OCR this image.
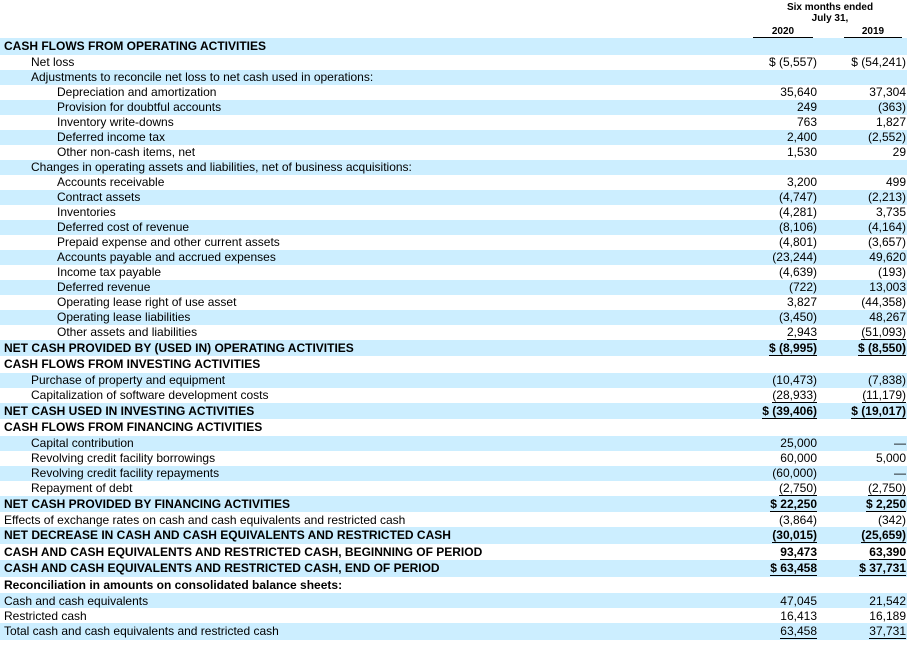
Six months ended
July 31,
2020	2019
CASH FLOWS FROM OPERATING ACTIVITIES			
Net loss	$ (5,557)		$ (54,241)
Adjustments to reconcile net loss to net cash used in operations:			
Depreciation and amortization	35,640		37,304
Provision for doubtful accounts	249		(363)
Inventory write-downs	763		1,827
Deferred income tax	2,400		(2,552)
Other non-cash items, net	1,530		29
Changes in operating assets and liabilities, net of business acquisitions:			
Accounts receivable	3,200		499
Contract assets	(4,747)		(2,213)
Inventories	(4,281)		3,735
Deferred cost of revenue	(8,106)		(4,164)
Prepaid expense and other current assets	(4,801)		(3,657)
Accounts payable and accrued expenses	(23,244)		49,620
Income tax payable	(4,639)		(193)
Deferred revenue	(722)		13,003
Operating lease right of use asset	3,827		(44,358)
Operating lease liabilities	(3,450)		48,267
Other assets and liabilities	2,943		(51,093)
NET CASH PROVIDED BY (USED IN) OPERATING ACTIVITIES	$ (8,995)		$ (8,550)
CASH FLOWS FROM INVESTING ACTIVITIES			
Purchase of property and equipment	(10,473)		(7,838)
Capitalization of software development costs	(28,933)		(11,179)
NET CASH USED IN INVESTING ACTIVITIES	$ (39,406)		$ (19,017)
CASH FLOWS FROM FINANCING ACTIVITIES			
Capital contribution	25,000		—
Revolving credit facility borrowings	60,000		5,000
Revolving credit facility repayments	(60,000)		—
Repayment of debt	(2,750)		(2,750)
NET CASH PROVIDED BY FINANCING ACTIVITIES	$ 22,250		$ 2,250
Effects of exchange rates on cash and cash equivalents and restricted cash	(3,864)		(342)
NET DECREASE IN CASH AND CASH EQUIVALENTS AND RESTRICTED CASH	(30,015)		(25,659)
CASH AND CASH EQUIVALENTS AND RESTRICTED CASH, BEGINNING OF PERIOD	93,473		63,390
CASH AND CASH EQUIVALENTS AND RESTRICTED CASH, END OF PERIOD	$ 63,458		$ 37,731
Reconciliation in amounts on consolidated balance sheets:			
Cash and cash equivalents	47,045		21,542
Restricted cash	16,413		16,189
Total cash and cash equivalents and restricted cash	63,458		37,731
